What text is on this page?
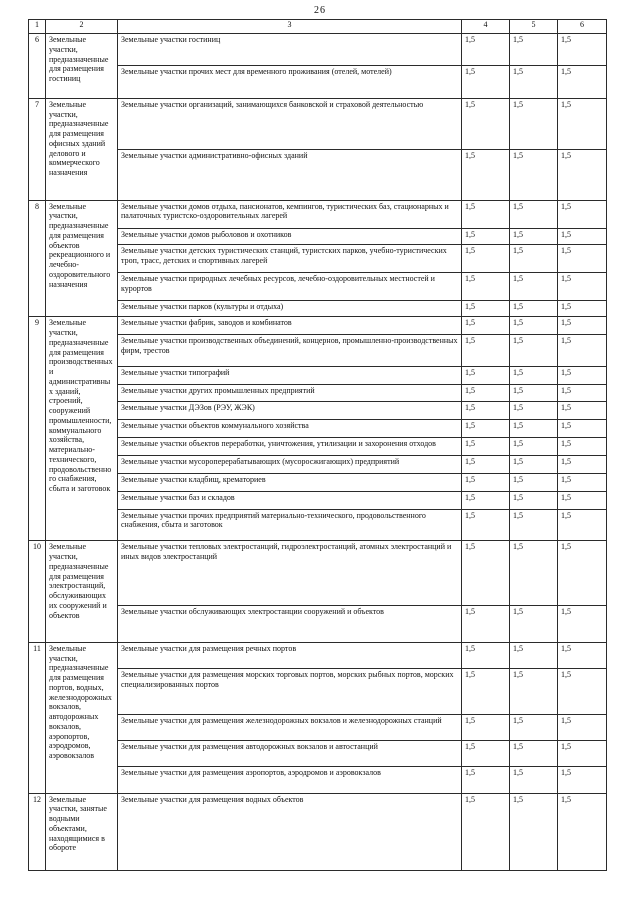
26
1	2	3	4	5	6
6	Земельные участки, предназначенные для размещения гостиниц	Земельные участки гостиниц	1,5	1,5	1,5
		Земельные участки прочих мест для временного проживания (отелей, мотелей)	1,5	1,5	1,5
7	Земельные участки, предназначенные для размещения офисных зданий делового и коммерческого назначения	Земельные участки организаций, занимающихся банковской и страховой деятельностью	1,5	1,5	1,5
		Земельные участки административно-офисных зданий	1,5	1,5	1,5
8	Земельные участки, предназначенные для размещения объектов рекреационного и лечебно-оздоровительного назначения	Земельные участки домов отдыха, пансионатов, кемпингов, туристических баз, стационарных и палаточных туристско-оздоровительных лагерей	1,5	1,5	1,5
		Земельные участки домов рыболовов и охотников	1,5	1,5	1,5
		Земельные участки детских туристических станций, туристских парков, учебно-туристических троп, трасс, детских и спортивных лагерей	1,5	1,5	1,5
		Земельные участки природных лечебных ресурсов, лечебно-оздоровительных местностей и курортов	1,5	1,5	1,5
		Земельные участки парков (культуры и отдыха)	1,5	1,5	1,5
9	Земельные участки, предназначенные для размещения производственных и административных зданий, строений, сооружений промышленности, коммунального хозяйства, материально-технического, продовольственного снабжения, сбыта и заготовок	Земельные участки фабрик, заводов и комбинатов	1,5	1,5	1,5
		Земельные участки производственных объединений, концернов, промышленно-производственных фирм, трестов	1,5	1,5	1,5
		Земельные участки типографий	1,5	1,5	1,5
		Земельные участки других промышленных предприятий	1,5	1,5	1,5
		Земельные участки ДЭЗов (РЭУ, ЖЭК)	1,5	1,5	1,5
		Земельные участки объектов коммунального хозяйства	1,5	1,5	1,5
		Земельные участки объектов переработки, уничтожения, утилизации и захоронения отходов	1,5	1,5	1,5
		Земельные участки мусороперерабатывающих (мусоросжигающих) предприятий	1,5	1,5	1,5
		Земельные участки кладбищ, крематориев	1,5	1,5	1,5
		Земельные участки баз и складов	1,5	1,5	1,5
		Земельные участки прочих предприятий материально-технического, продовольственного снабжения, сбыта и заготовок	1,5	1,5	1,5
10	Земельные участки, предназначенные для размещения электростанций, обслуживающих их сооружений и объектов	Земельные участки тепловых электростанций, гидроэлектростанций, атомных электростанций и иных видов электростанций	1,5	1,5	1,5
		Земельные участки обслуживающих электростанции сооружений и объектов	1,5	1,5	1,5
11	Земельные участки, предназначенные для размещения портов, водных, железнодорожных вокзалов, автодорожных вокзалов, аэропортов, аэродромов, аэровокзалов	Земельные участки для размещения речных портов	1,5	1,5	1,5
		Земельные участки для размещения морских торговых портов, морских рыбных портов, морских специализированных портов	1,5	1,5	1,5
		Земельные участки для размещения железнодорожных вокзалов и железнодорожных станций	1,5	1,5	1,5
		Земельные участки для размещения автодорожных вокзалов и автостанций	1,5	1,5	1,5
		Земельные участки для размещения аэропортов, аэродромов и аэровокзалов	1,5	1,5	1,5
12	Земельные участки, занятые водными объектами, находящимися в обороте	Земельные участки для размещения водных объектов	1,5	1,5	1,5
